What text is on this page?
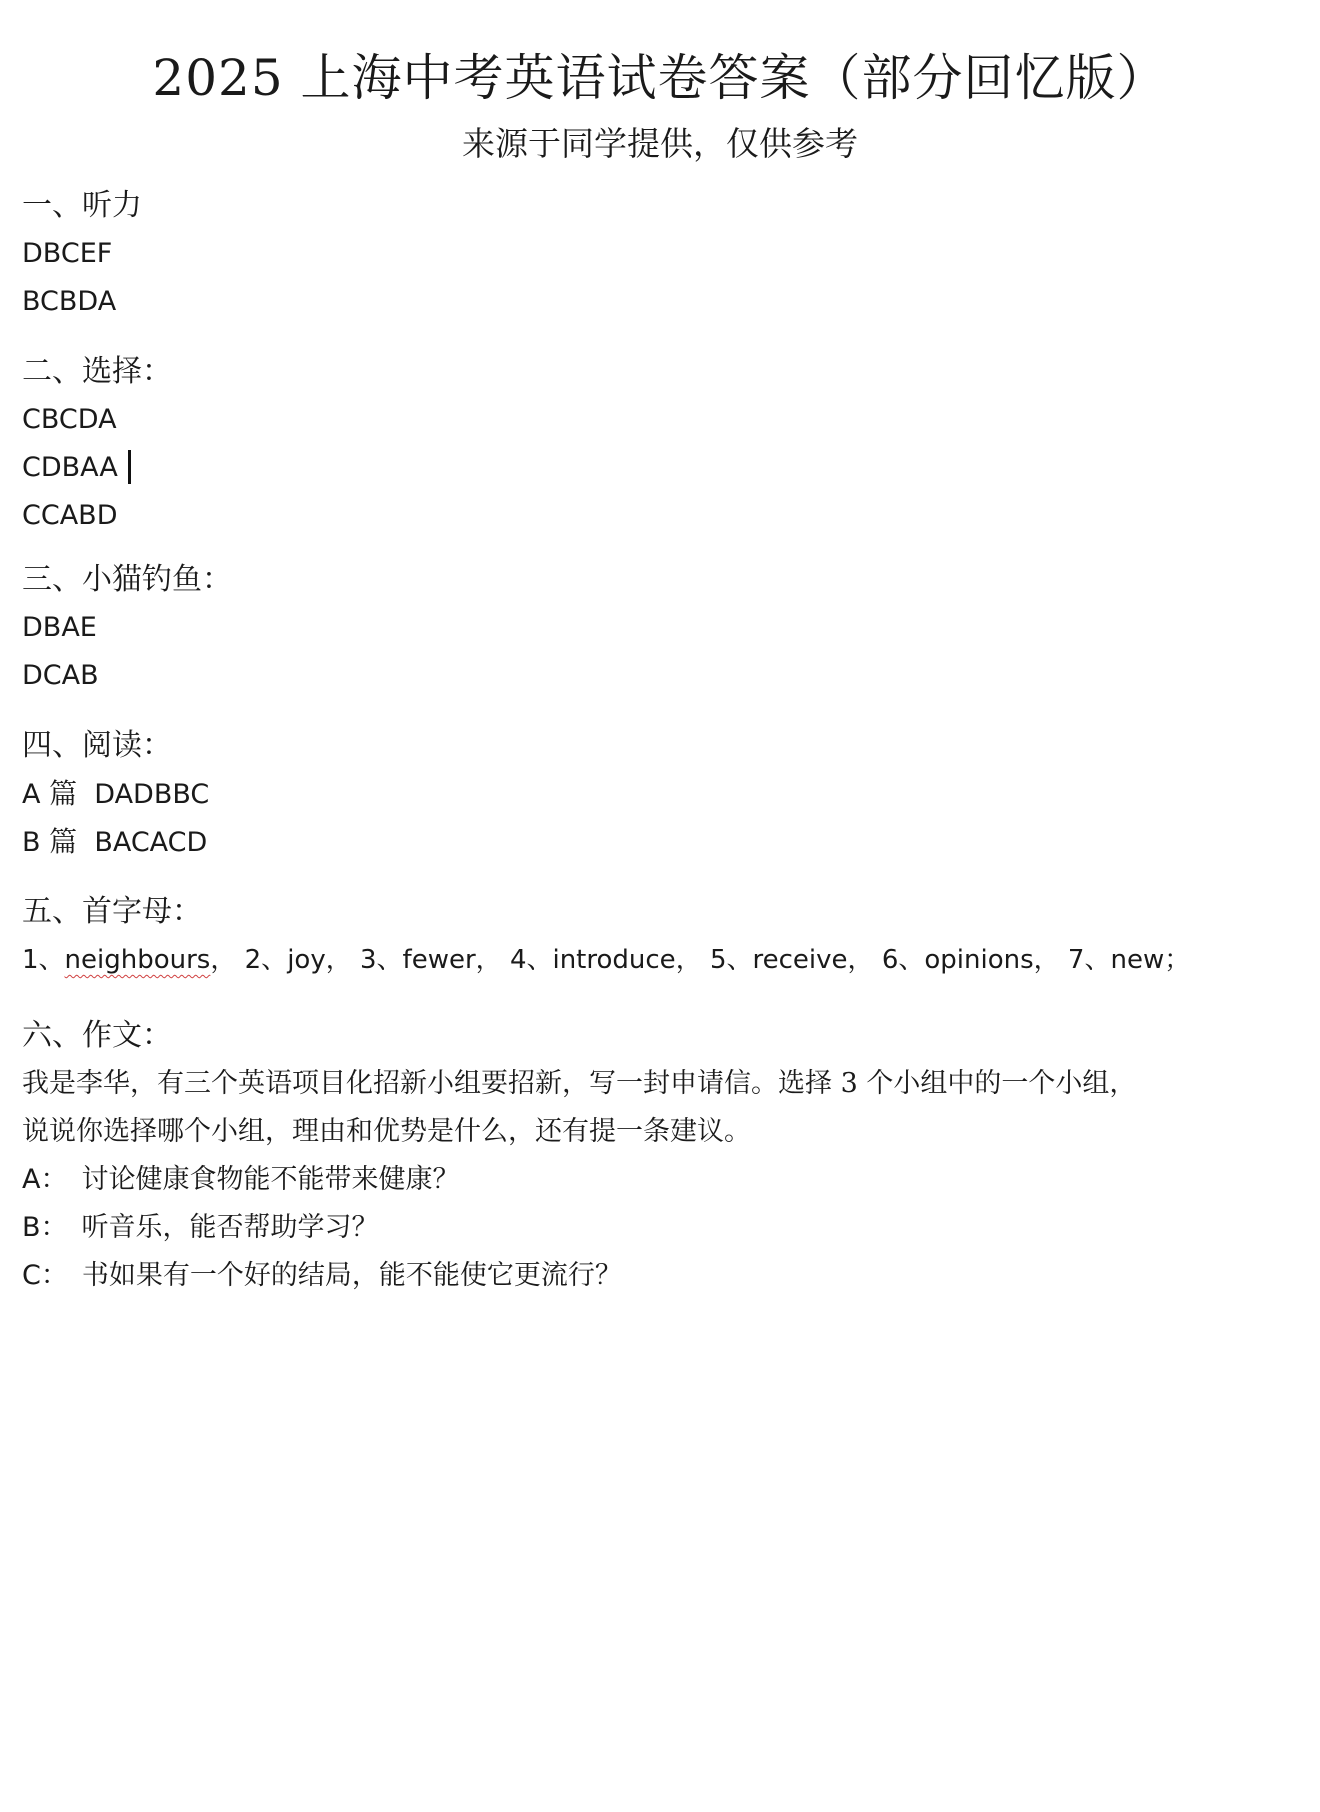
2025 上海中考英语试卷答案（部分回忆版）
来源于同学提供，仅供参考
一、听力
DBCEF
BCBDA
二、选择：
CBCDA
CDBAA
CCABD
三、小猫钓鱼：
DBAE
DCAB
四、阅读：
A 篇 DADBBC
B 篇 BACACD
五、首字母：
1、neighbours， 2、joy， 3、fewer， 4、introduce， 5、receive， 6、opinions， 7、new；
六、作文：
我是李华，有三个英语项目化招新小组要招新，写一封申请信。选择 3 个小组中的一个小组，
说说你选择哪个小组，理由和优势是什么，还有提一条建议。
A： 讨论健康食物能不能带来健康？
B： 听音乐，能否帮助学习？
C： 书如果有一个好的结局，能不能使它更流行？
